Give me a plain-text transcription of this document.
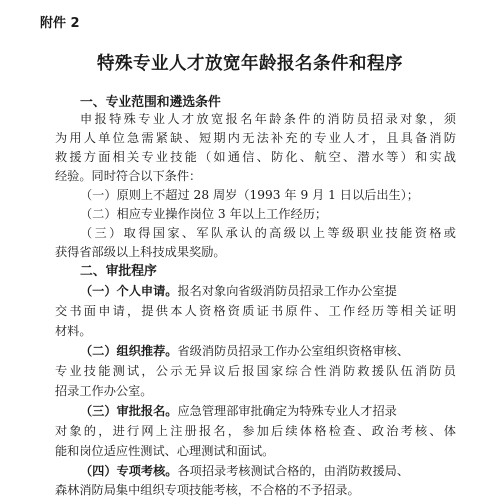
附件 2
特殊专业人才放宽年龄报名条件和程序
一、专业范围和遴选条件
申报特殊专业人才放宽报名年龄条件的消防员招录对象，须
为用人单位急需紧缺、短期内无法补充的专业人才，且具备消防
救援方面相关专业技能（如通信、防化、航空、潜水等）和实战
经验。同时符合以下条件：
（一）原则上不超过 28 周岁（1993 年 9 月 1 日以后出生）；
（二）相应专业操作岗位 3 年以上工作经历；
（三）取得国家、军队承认的高级以上等级职业技能资格或
获得省部级以上科技成果奖励。
二、审批程序
（一）个人申请。报名对象向省级消防员招录工作办公室提
交书面申请，提供本人资格资质证书原件、工作经历等相关证明
材料。
（二）组织推荐。省级消防员招录工作办公室组织资格审核、
专业技能测试，公示无异议后报国家综合性消防救援队伍消防员
招录工作办公室。
（三）审批报名。应急管理部审批确定为特殊专业人才招录
对象的，进行网上注册报名，参加后续体格检查、政治考核、体
能和岗位适应性测试、心理测试和面试。
（四）专项考核。各项招录考核测试合格的，由消防救援局、
森林消防局集中组织专项技能考核，不合格的不予招录。
